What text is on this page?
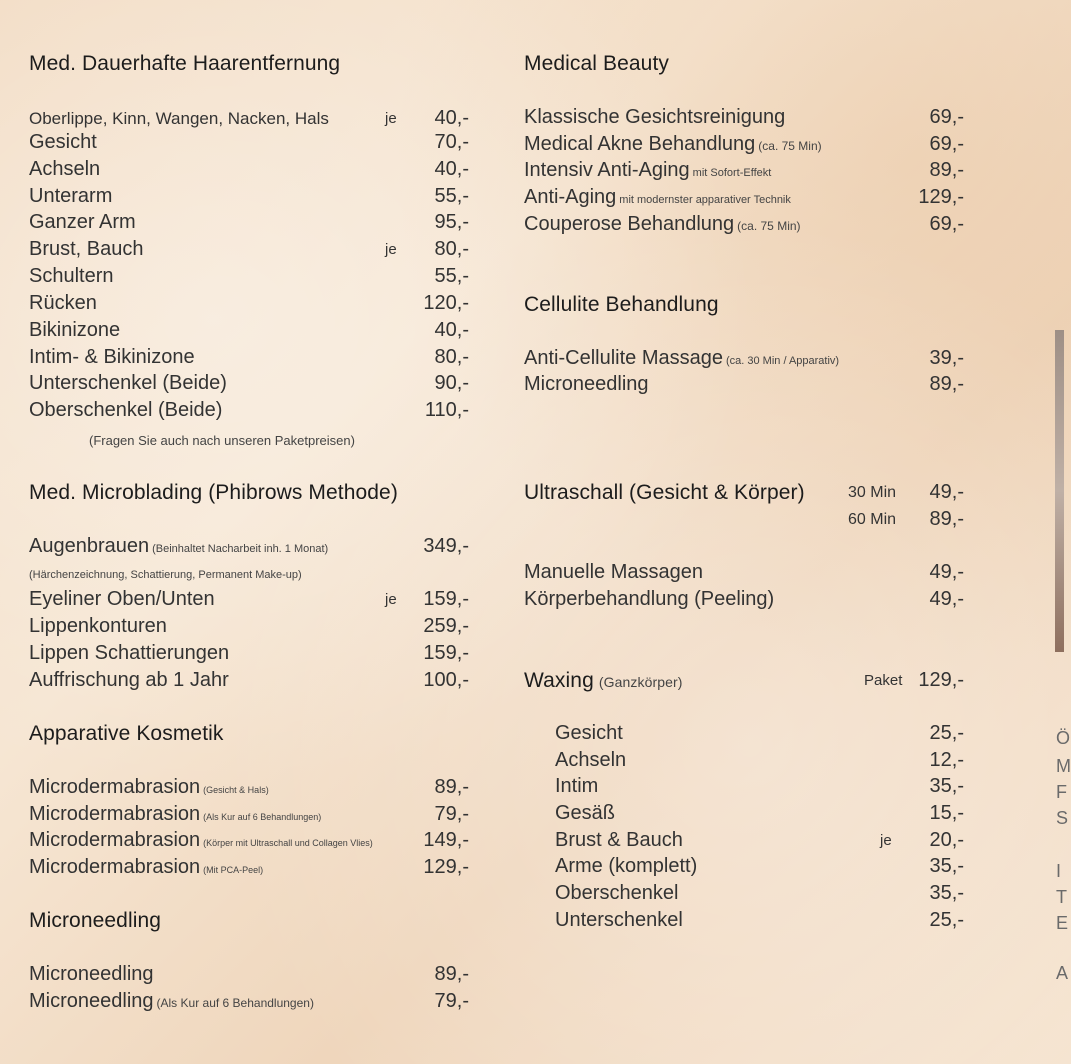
Med. Dauerhafte Haarentfernung
Oberlippe, Kinn, Wangen, Nacken, Hals	je 40,-
Gesicht	70,-
Achseln	40,-
Unterarm	55,-
Ganzer Arm	95,-
Brust, Bauch	je 80,-
Schultern	55,-
Rücken	120,-
Bikinizone	40,-
Intim- & Bikinizone	80,-
Unterschenkel (Beide)	90,-
Oberschenkel (Beide)	110,-
(Fragen Sie auch nach unseren Paketpreisen)
Med. Microblading (Phibrows Methode)
Augenbrauen (Beinhaltet Nacharbeit inh. 1 Monat)	349,-
(Härchenzeichnung, Schattierung, Permanent Make-up)
Eyeliner Oben/Unten	je 159,-
Lippenkonturen	259,-
Lippen Schattierungen	159,-
Auffrischung ab 1 Jahr	100,-
Apparative Kosmetik
Microdermabrasion (Gesicht & Hals)	89,-
Microdermabrasion (Als Kur auf 6 Behandlungen)	79,-
Microdermabrasion (Körper mit Ultraschall und Collagen Vlies)	149,-
Microdermabrasion (Mit PCA-Peel)	129,-
Microneedling
Microneedling	89,-
Microneedling (Als Kur auf 6 Behandlungen)	79,-
Medical Beauty
Klassische Gesichtsreinigung	69,-
Medical Akne Behandlung (ca. 75 Min)	69,-
Intensiv Anti-Aging mit Sofort-Effekt	89,-
Anti-Aging mit modernster apparativer Technik	129,-
Couperose Behandlung (ca. 75 Min)	69,-
Cellulite Behandlung
Anti-Cellulite Massage (ca. 30 Min / Apparativ)	39,-
Microneedling	89,-
Ultraschall (Gesicht & Körper)	30 Min 49,-
60 Min 89,-
Manuelle Massagen	49,-
Körperbehandlung (Peeling)	49,-
Waxing (Ganzkörper)	Paket 129,-
Gesicht	25,-
Achseln	12,-
Intim	35,-
Gesäß	15,-
Brust & Bauch	je 20,-
Arme (komplett)	35,-
Oberschenkel	35,-
Unterschenkel	25,-
Ö
M
F
S
I
T
E
A
